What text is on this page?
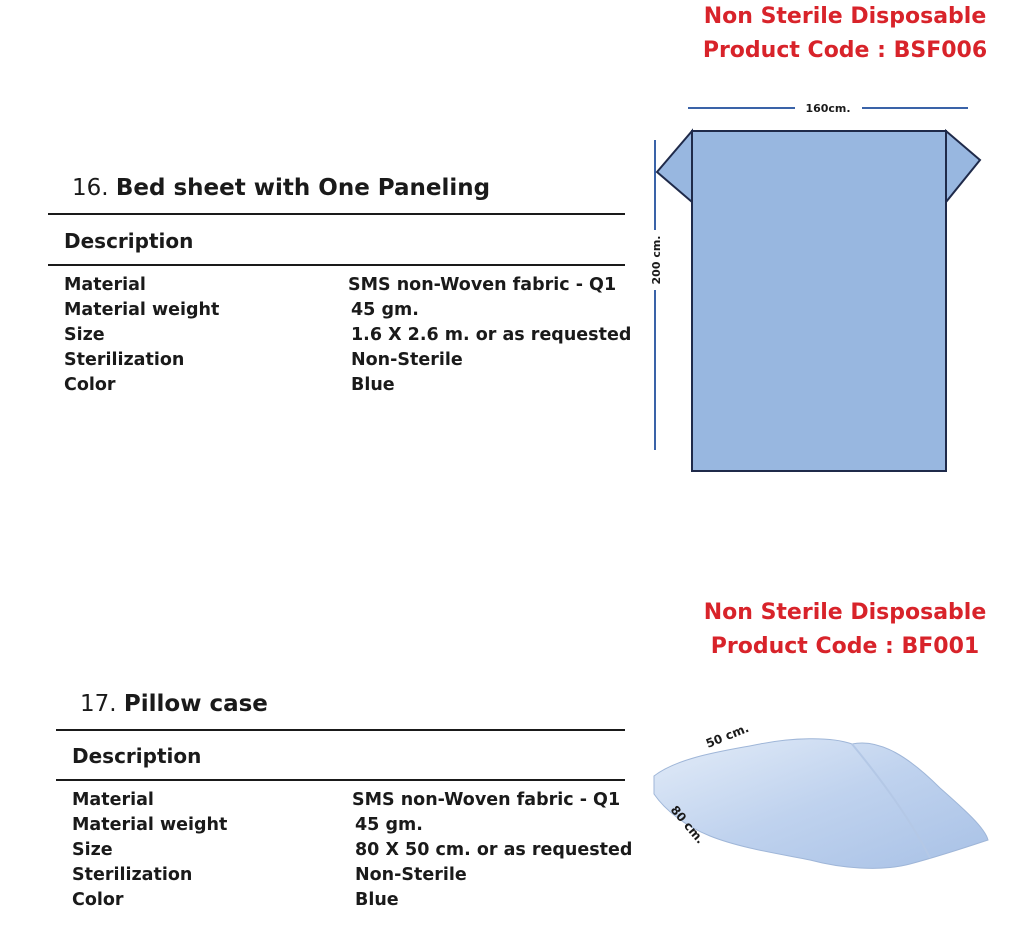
Non Sterile Disposable
Product Code : BSF006
16. Bed sheet with One Paneling
Description
Material
Material weight
Size
Sterilization
Color
SMS non-Woven fabric - Q1
45 gm.
1.6 X 2.6 m. or as requested
Non-Sterile
Blue
160cm.
200 cm.
Non Sterile Disposable
Product Code : BF001
17. Pillow case
Description
Material
Material weight
Size
Sterilization
Color
SMS non-Woven fabric - Q1
45 gm.
80 X 50 cm. or as requested
Non-Sterile
Blue
50 cm.
80 cm.
